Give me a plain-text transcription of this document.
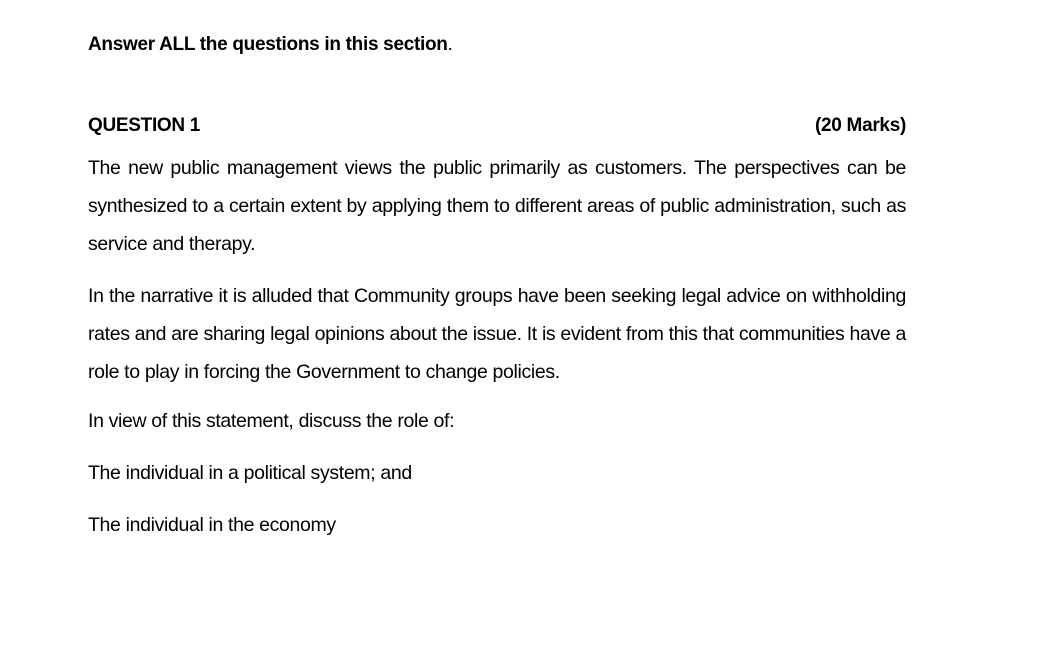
Answer ALL the questions in this section.
QUESTION 1	(20 Marks)

The new public management views the public primarily as customers. The perspectives can be synthesized to a certain extent by applying them to different areas of public administration, such as service and therapy.

In the narrative it is alluded that Community groups have been seeking legal advice on withholding rates and are sharing legal opinions about the issue. It is evident from this that communities have a role to play in forcing the Government to change policies.

In view of this statement, discuss the role of:
The individual in a political system; and
The individual in the economy
